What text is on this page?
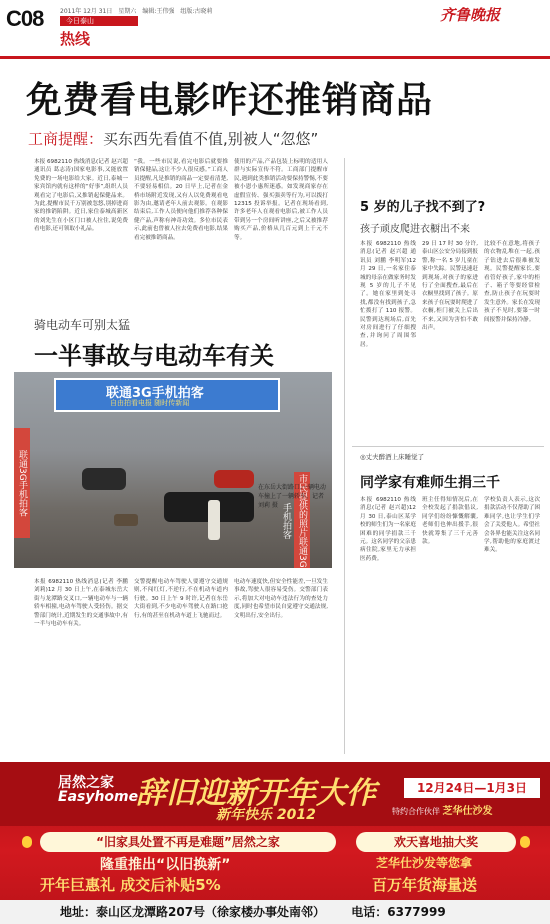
C08	2011年 12月 31日　星期六　编辑:王伟强　组版:古晓莉
今日泰山
热线
齐鲁晚报
免费看电影咋还推销商品
工商提醒：买东西先看值不值,别被人“忽悠”
本报 6982110 热线消息(记者 赵兴超 通讯员 葛志涛)国家电影事,又能放置免费的一场电影给大家。近日,泰城一家宾馆内就有这样的“好事”,组织人员观看完了电影后,又推销起保健品来。为此,提醒市民千万别被忽悠,别掉进商家的推销陷阱。近日,家住泰城高新区的刘先生在小区门口被人拉住,说免费看电影,还可领取小礼品。
“我。一些市民说,看完电影后就要推销保健品,这让不少人很反感。”工商人员提醒,凡是推销的商品一定要看清楚,不要轻易相信。20 日早上,记者在金桥市场附近发现,又有人以免费观看电影为由,邀请老年人前去观影。在观影结束后,工作人员便向他们推荐各种保健产品,声称有神奇功效。多位市民表示,此前也曾被人拉去免费看电影,结果看完被推销商品。
使用的产品,产品包装上标明的适用人群与实际宣传不符。工商部门提醒市民,遇到此类推销活动要保持警惕,不要被小恩小惠所迷惑。如发现商家存在虚假宣传、强买强卖等行为,可以拨打 12315 投诉举报。记者在现场看到,许多老年人在观看电影后,被工作人员带到另一个房间听讲座,之后又被推荐购买产品,价格从几百元到上千元不等。
5 岁的儿子找不到了?
孩子顽皮爬进衣橱出不来
本报 6982110 热线消息(记者 赵兴超 通讯员 刘鹏 李明军)12 月 29 日,一名家住泰城的母亲在做家务时发现 5 岁的儿子不见了。她在家里到处寻找,都没有找到孩子,急忙拨打了 110 报警。民警到达现场后,首先对房间进行了仔细搜查,并询问了周围邻居。
29 日 17 时 30 分许,泰山区公安分局接到报警,称一名 5 岁儿童在家中失踪。民警迅速赶到现场,对孩子的家进行了全面搜查,最后在衣橱里找到了孩子。原来孩子在玩耍时爬进了衣橱,柜门被关上后出不来,又因为害怕不敢出声。
比较不在意地,将孩子的衣物乱堆在一起,孩子钻进去后很难被发现。民警提醒家长,要看管好孩子,家中的柜子、箱子等要经常检查,防止孩子在玩耍时发生意外。家长在发现孩子不见时,要第一时间报警并保持冷静。
骑电动车可别太猛
一半事故与电动车有关
联通3G手机拍客
自由拍看电报 随时传新闻
联通3G手机拍客	市民提供的照片联通3G手机拍客
在东岳大街路口,一辆电动车撞上了一辆轿车。记者 刘莉 摄
本报 6982110 热线消息(记者 李鹏 刘莉)12 月 30 日上午,在泰城东岳大街与龙潭路交叉口,一辆电动车与一辆轿车相撞,电动车驾驶人受轻伤。据交警部门统计,近期发生的交通事故中,有一半与电动车有关。
交警提醒电动车驾驶人要遵守交通规则,不闯红灯,不逆行,不在机动车道内行驶。30 日上午 9 时许,记者在东岳大街看到,不少电动车驾驶人在路口抢行,有的甚至在机动车道上飞驰而过。
电动车速度快,但安全性能差,一旦发生事故,驾驶人很容易受伤。交警部门表示,将加大对电动车违法行为的查处力度,同时也希望市民自觉遵守交通法规,文明出行,安全出行。
◎丈夫醉酒上床睡觉了
同学家有难师生捐三千
本报 6982110 热线消息(记者 赵兴超)12 月 30 日,泰山区某学校的师生们为一名家庭困难的同学捐款三千元。这名同学的父亲患病住院,家里无力承担医药费。
班主任得知情况后,在全校发起了捐款倡议,同学们纷纷慷慨解囊,老师们也伸出援手,很快就筹集了三千元善款。
学校负责人表示,这次捐款活动不仅帮助了困难同学,也让学生们学会了关爱他人。希望社会各界也能关注这名同学,帮助他的家庭渡过难关。
居然之家
Easyhome
辞旧迎新开年大作
新年快乐 2012
12月24日—1月3日
特约合作伙伴 芝华仕沙发
“旧家具处置不再是难题”居然之家
隆重推出“以旧换新”
欢天喜地抽大奖
芝华仕沙发等您拿
开年巨惠礼 成交后补贴5%	百万年货海量送
地址：泰山区龙潭路207号（徐家楼办事处南邻） 电话：6377999
